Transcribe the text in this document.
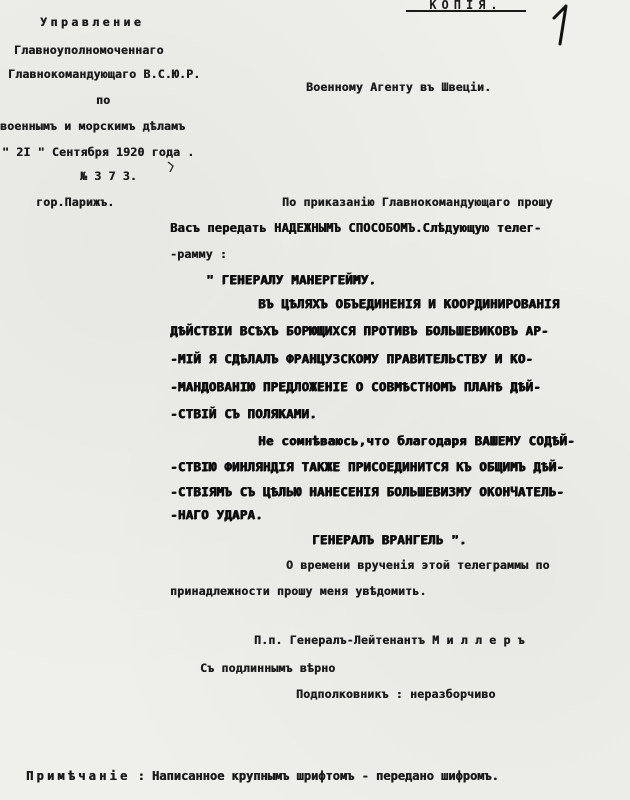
КОПIЯ.
1
Управление
Главноуполномоченнаго
Главнокомандующаго В.С.Ю.Р.
по
военнымъ и морскимъ дѣламъ
" 2I " Сентября 1920 года .
№ 3 7 3.
гор.Парижъ.
Военному Агенту въ Швеціи.
По приказанію Главнокомандующаго прошу
Васъ передать НАДЕЖНЫМЪ СПОСОБОМЪ.Слѣдующую телег-
-рамму :
" ГЕНЕРАЛУ МАНЕРГЕЙМУ.
ВЪ ЦѢЛЯХЪ ОБЪЕДИНЕНІЯ И КООРДИНИРОВАНІЯ
ДѢЙСТВІИ ВСѢХЪ БОРЮЩИХСЯ ПРОТИВЪ БОЛЬШЕВИКОВЪ АР-
-МІЙ Я СДѢЛАЛЪ ФРАНЦУЗСКОМУ ПРАВИТЕЛЬСТВУ И КО-
-МАНДОВАНІЮ ПРЕДЛОЖЕНІЕ О СОВМѢСТНОМЪ ПЛАНѢ ДѢЙ-
-СТВІЙ СЪ ПОЛЯКАМИ.
Не сомнѣваюсь,что благодаря ВАШЕМУ СОДѢЙ-
-СТВІЮ ФИНЛЯНДІЯ ТАКЖЕ ПРИСОЕДИНИТСЯ КЪ ОБЩИМЪ ДѢЙ-
-СТВІЯМЪ СЪ ЦѢЛЬЮ НАНЕСЕНІЯ БОЛЬШЕВИЗМУ ОКОНЧАТЕЛЬ-
-НАГО УДАРА.
ГЕНЕРАЛЪ ВРАНГЕЛЬ ".
О времени врученія этой телеграммы по
принадлежности прошу меня увѣдомить.
П.п. Генералъ-Лейтенантъ М и л л е р ъ
Съ подлиннымъ вѣрно
Подполковникъ : неразборчиво
Примѣчаніе : Написанное крупнымъ шрифтомъ - передано шифромъ.
